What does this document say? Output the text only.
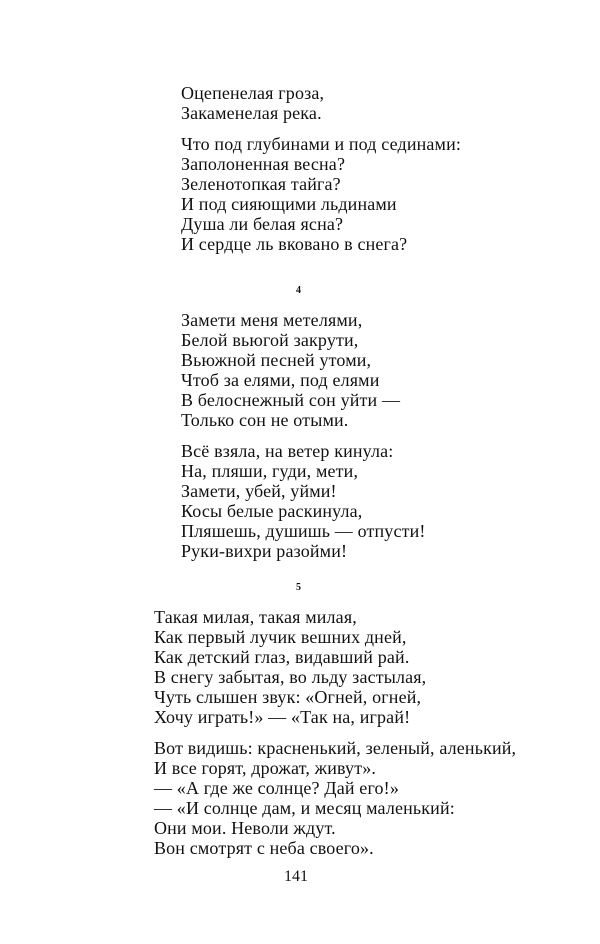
Оцепенелая гроза,
Закаменелая река.
Что под глубинами и под сединами:
Заполоненная весна?
Зеленотопкая тайга?
И под сияющими льдинами
Душа ли белая ясна?
И сердце ль вковано в снега?
4
Замети меня метелями,
Белой вьюгой закрути,
Вьюжной песней утоми,
Чтоб за елями, под елями
В белоснежный сон уйти —
Только сон не отыми.
Всё взяла, на ветер кинула:
На, пляши, гуди, мети,
Замети, убей, уйми!
Косы белые раскинула,
Пляшешь, душишь — отпусти!
Руки-вихри разойми!
5
Такая милая, такая милая,
Как первый лучик вешних дней,
Как детский глаз, видавший рай.
В снегу забытая, во льду застылая,
Чуть слышен звук: «Огней, огней,
Хочу играть!» — «Так на, играй!
Вот видишь: красненький, зеленый, аленький,
И все горят, дрожат, живут».
— «А где же солнце? Дай его!»
— «И солнце дам, и месяц маленький:
Они мои. Неволи ждут.
Вон смотрят с неба своего».
141
